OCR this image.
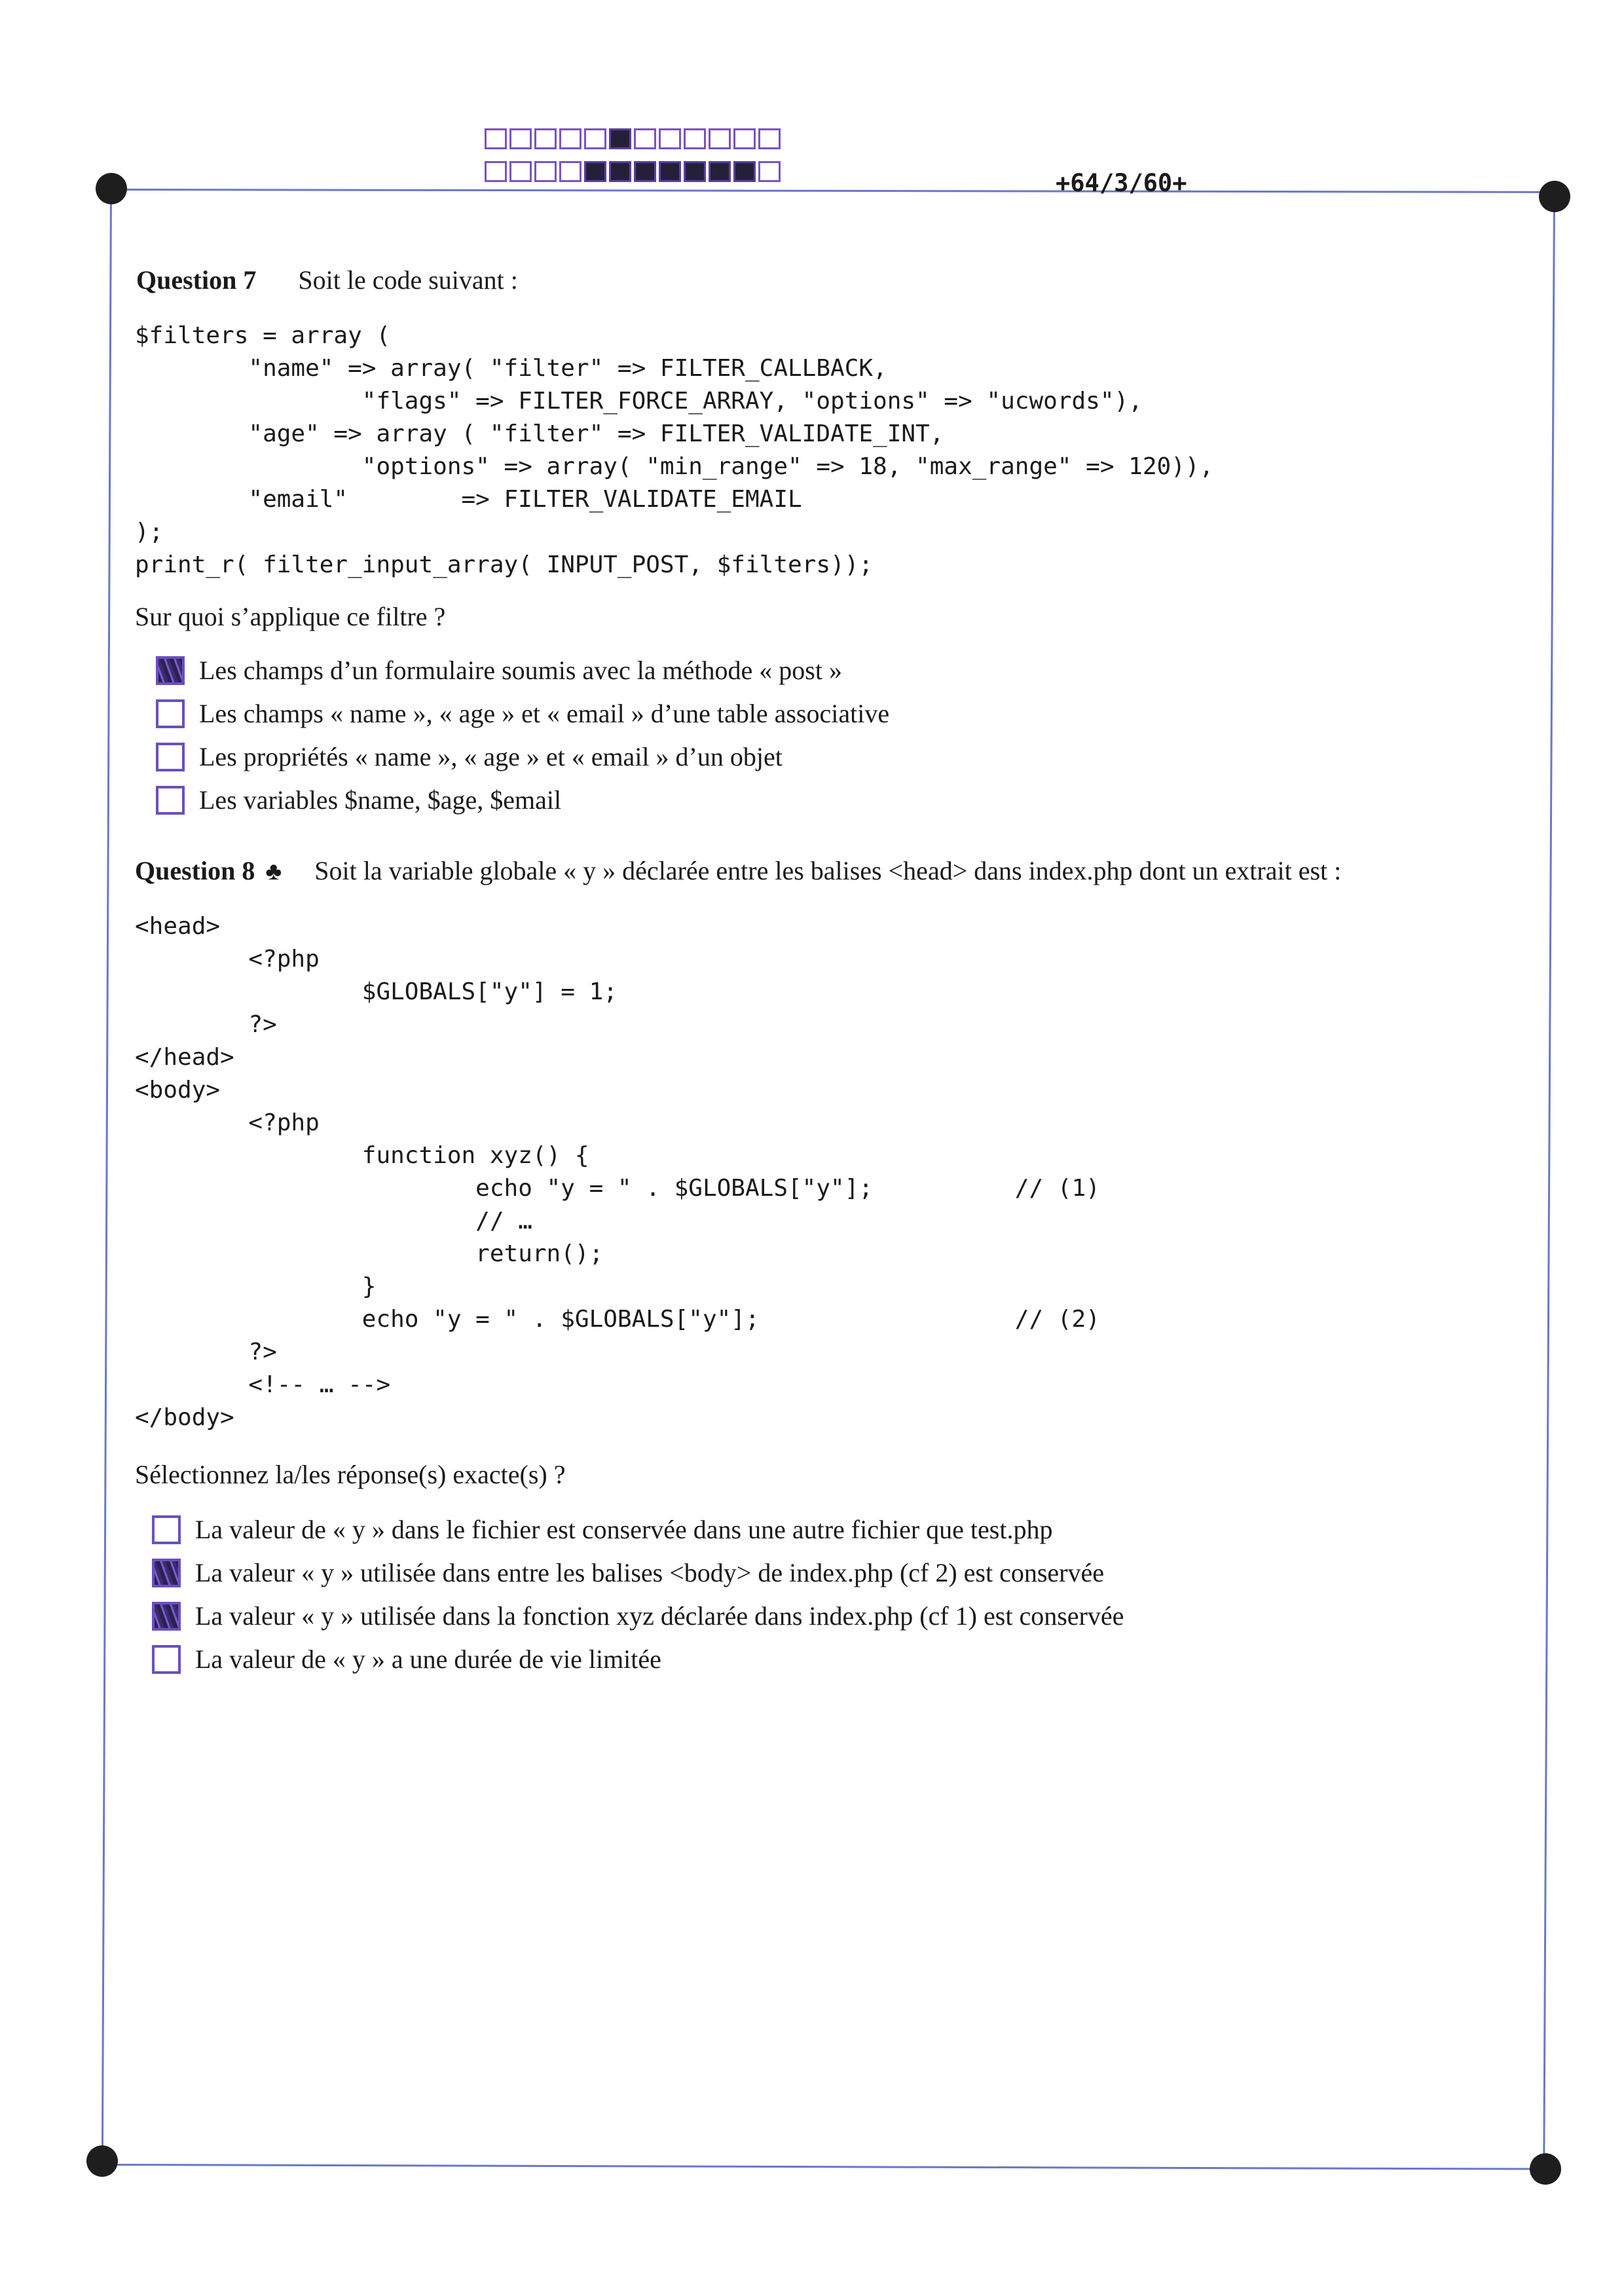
+64/3/60+
Question 7 Soit le code suivant :
$filters = array (
"name" => array( "filter" => FILTER_CALLBACK,
"flags" => FILTER_FORCE_ARRAY, "options" => "ucwords"),
"age" => array ( "filter" => FILTER_VALIDATE_INT,
"options" => array( "min_range" => 18, "max_range" => 120)),
"email"        => FILTER_VALIDATE_EMAIL
);
print_r( filter_input_array( INPUT_POST, $filters));
Sur quoi s’applique ce filtre ?
Les champs d’un formulaire soumis avec la méthode « post »
Les champs « name », « age » et « email » d’une table associative
Les propriétés « name », « age » et « email » d’un objet
Les variables $name, $age, $email
Question 8 ♣ Soit la variable globale « y » déclarée entre les balises <head> dans index.php dont un extrait est :
<head>
<?php
$GLOBALS["y"] = 1;
?>
</head>
<body>
<?php
function xyz() {
echo "y = " . $GLOBALS["y"];          // (1)
// …
return();
}
echo "y = " . $GLOBALS["y"];                  // (2)
?>
<!-- … -->
</body>
Sélectionnez la/les réponse(s) exacte(s) ?
La valeur de « y » dans le fichier est conservée dans une autre fichier que test.php
La valeur « y » utilisée dans entre les balises <body> de index.php (cf 2) est conservée
La valeur « y » utilisée dans la fonction xyz déclarée dans index.php (cf 1) est conservée
La valeur de « y » a une durée de vie limitée
